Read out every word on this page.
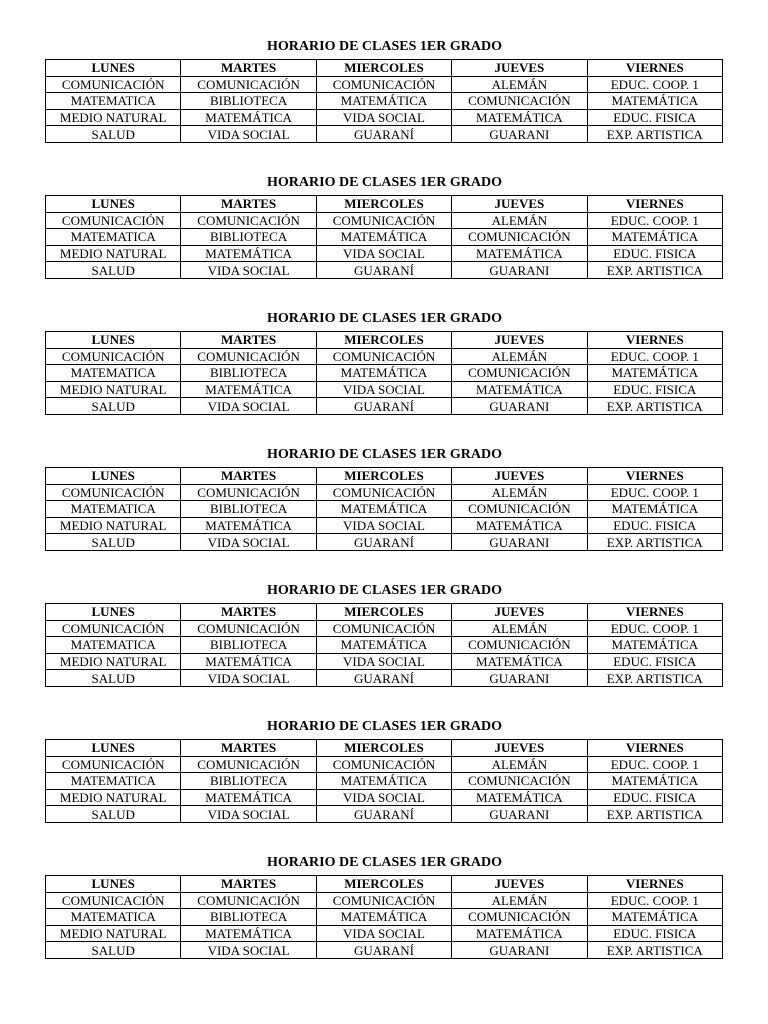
HORARIO DE CLASES 1ER GRADO
LUNES	MARTES	MIERCOLES	JUEVES	VIERNES
COMUNICACIÓN	COMUNICACIÓN	COMUNICACIÓN	ALEMÁN	EDUC. COOP. 1
MATEMATICA	BIBLIOTECA	MATEMÁTICA	COMUNICACIÓN	MATEMÁTICA
MEDIO NATURAL	MATEMÁTICA	VIDA SOCIAL	MATEMÁTICA	EDUC. FISICA
SALUD	VIDA SOCIAL	GUARANÍ	GUARANI	EXP. ARTISTICA
HORARIO DE CLASES 1ER GRADO
LUNES	MARTES	MIERCOLES	JUEVES	VIERNES
COMUNICACIÓN	COMUNICACIÓN	COMUNICACIÓN	ALEMÁN	EDUC. COOP. 1
MATEMATICA	BIBLIOTECA	MATEMÁTICA	COMUNICACIÓN	MATEMÁTICA
MEDIO NATURAL	MATEMÁTICA	VIDA SOCIAL	MATEMÁTICA	EDUC. FISICA
SALUD	VIDA SOCIAL	GUARANÍ	GUARANI	EXP. ARTISTICA
HORARIO DE CLASES 1ER GRADO
LUNES	MARTES	MIERCOLES	JUEVES	VIERNES
COMUNICACIÓN	COMUNICACIÓN	COMUNICACIÓN	ALEMÁN	EDUC. COOP. 1
MATEMATICA	BIBLIOTECA	MATEMÁTICA	COMUNICACIÓN	MATEMÁTICA
MEDIO NATURAL	MATEMÁTICA	VIDA SOCIAL	MATEMÁTICA	EDUC. FISICA
SALUD	VIDA SOCIAL	GUARANÍ	GUARANI	EXP. ARTISTICA
HORARIO DE CLASES 1ER GRADO
LUNES	MARTES	MIERCOLES	JUEVES	VIERNES
COMUNICACIÓN	COMUNICACIÓN	COMUNICACIÓN	ALEMÁN	EDUC. COOP. 1
MATEMATICA	BIBLIOTECA	MATEMÁTICA	COMUNICACIÓN	MATEMÁTICA
MEDIO NATURAL	MATEMÁTICA	VIDA SOCIAL	MATEMÁTICA	EDUC. FISICA
SALUD	VIDA SOCIAL	GUARANÍ	GUARANI	EXP. ARTISTICA
HORARIO DE CLASES 1ER GRADO
LUNES	MARTES	MIERCOLES	JUEVES	VIERNES
COMUNICACIÓN	COMUNICACIÓN	COMUNICACIÓN	ALEMÁN	EDUC. COOP. 1
MATEMATICA	BIBLIOTECA	MATEMÁTICA	COMUNICACIÓN	MATEMÁTICA
MEDIO NATURAL	MATEMÁTICA	VIDA SOCIAL	MATEMÁTICA	EDUC. FISICA
SALUD	VIDA SOCIAL	GUARANÍ	GUARANI	EXP. ARTISTICA
HORARIO DE CLASES 1ER GRADO
LUNES	MARTES	MIERCOLES	JUEVES	VIERNES
COMUNICACIÓN	COMUNICACIÓN	COMUNICACIÓN	ALEMÁN	EDUC. COOP. 1
MATEMATICA	BIBLIOTECA	MATEMÁTICA	COMUNICACIÓN	MATEMÁTICA
MEDIO NATURAL	MATEMÁTICA	VIDA SOCIAL	MATEMÁTICA	EDUC. FISICA
SALUD	VIDA SOCIAL	GUARANÍ	GUARANI	EXP. ARTISTICA
HORARIO DE CLASES 1ER GRADO
LUNES	MARTES	MIERCOLES	JUEVES	VIERNES
COMUNICACIÓN	COMUNICACIÓN	COMUNICACIÓN	ALEMÁN	EDUC. COOP. 1
MATEMATICA	BIBLIOTECA	MATEMÁTICA	COMUNICACIÓN	MATEMÁTICA
MEDIO NATURAL	MATEMÁTICA	VIDA SOCIAL	MATEMÁTICA	EDUC. FISICA
SALUD	VIDA SOCIAL	GUARANÍ	GUARANI	EXP. ARTISTICA
